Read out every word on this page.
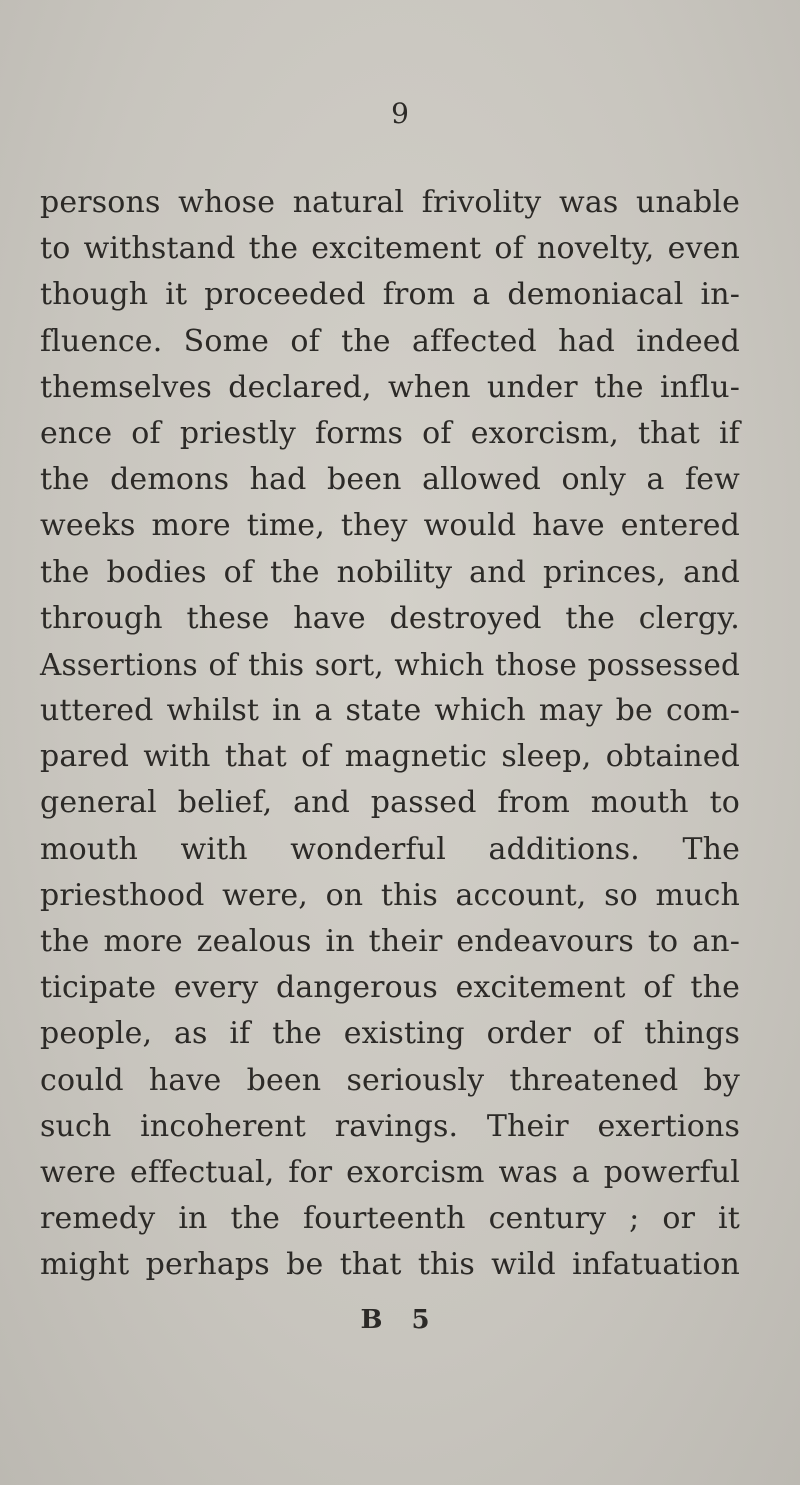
9
persons whose natural frivolity was unable
to withstand the excitement of novelty, even
though it proceeded from a demoniacal in-
fluence. Some of the affected had indeed
themselves declared, when under the influ-
ence of priestly forms of exorcism, that if
the demons had been allowed only a few
weeks more time, they would have entered
the bodies of the nobility and princes, and
through these have destroyed the clergy.
Assertions of this sort, which those possessed
uttered whilst in a state which may be com-
pared with that of magnetic sleep, obtained
general belief, and passed from mouth to
mouth with wonderful additions. The
priesthood were, on this account, so much
the more zealous in their endeavours to an-
ticipate every dangerous excitement of the
people, as if the existing order of things
could have been seriously threatened by
such incoherent ravings. Their exertions
were effectual, for exorcism was a powerful
remedy in the fourteenth century ; or it
might perhaps be that this wild infatuation
B 5
